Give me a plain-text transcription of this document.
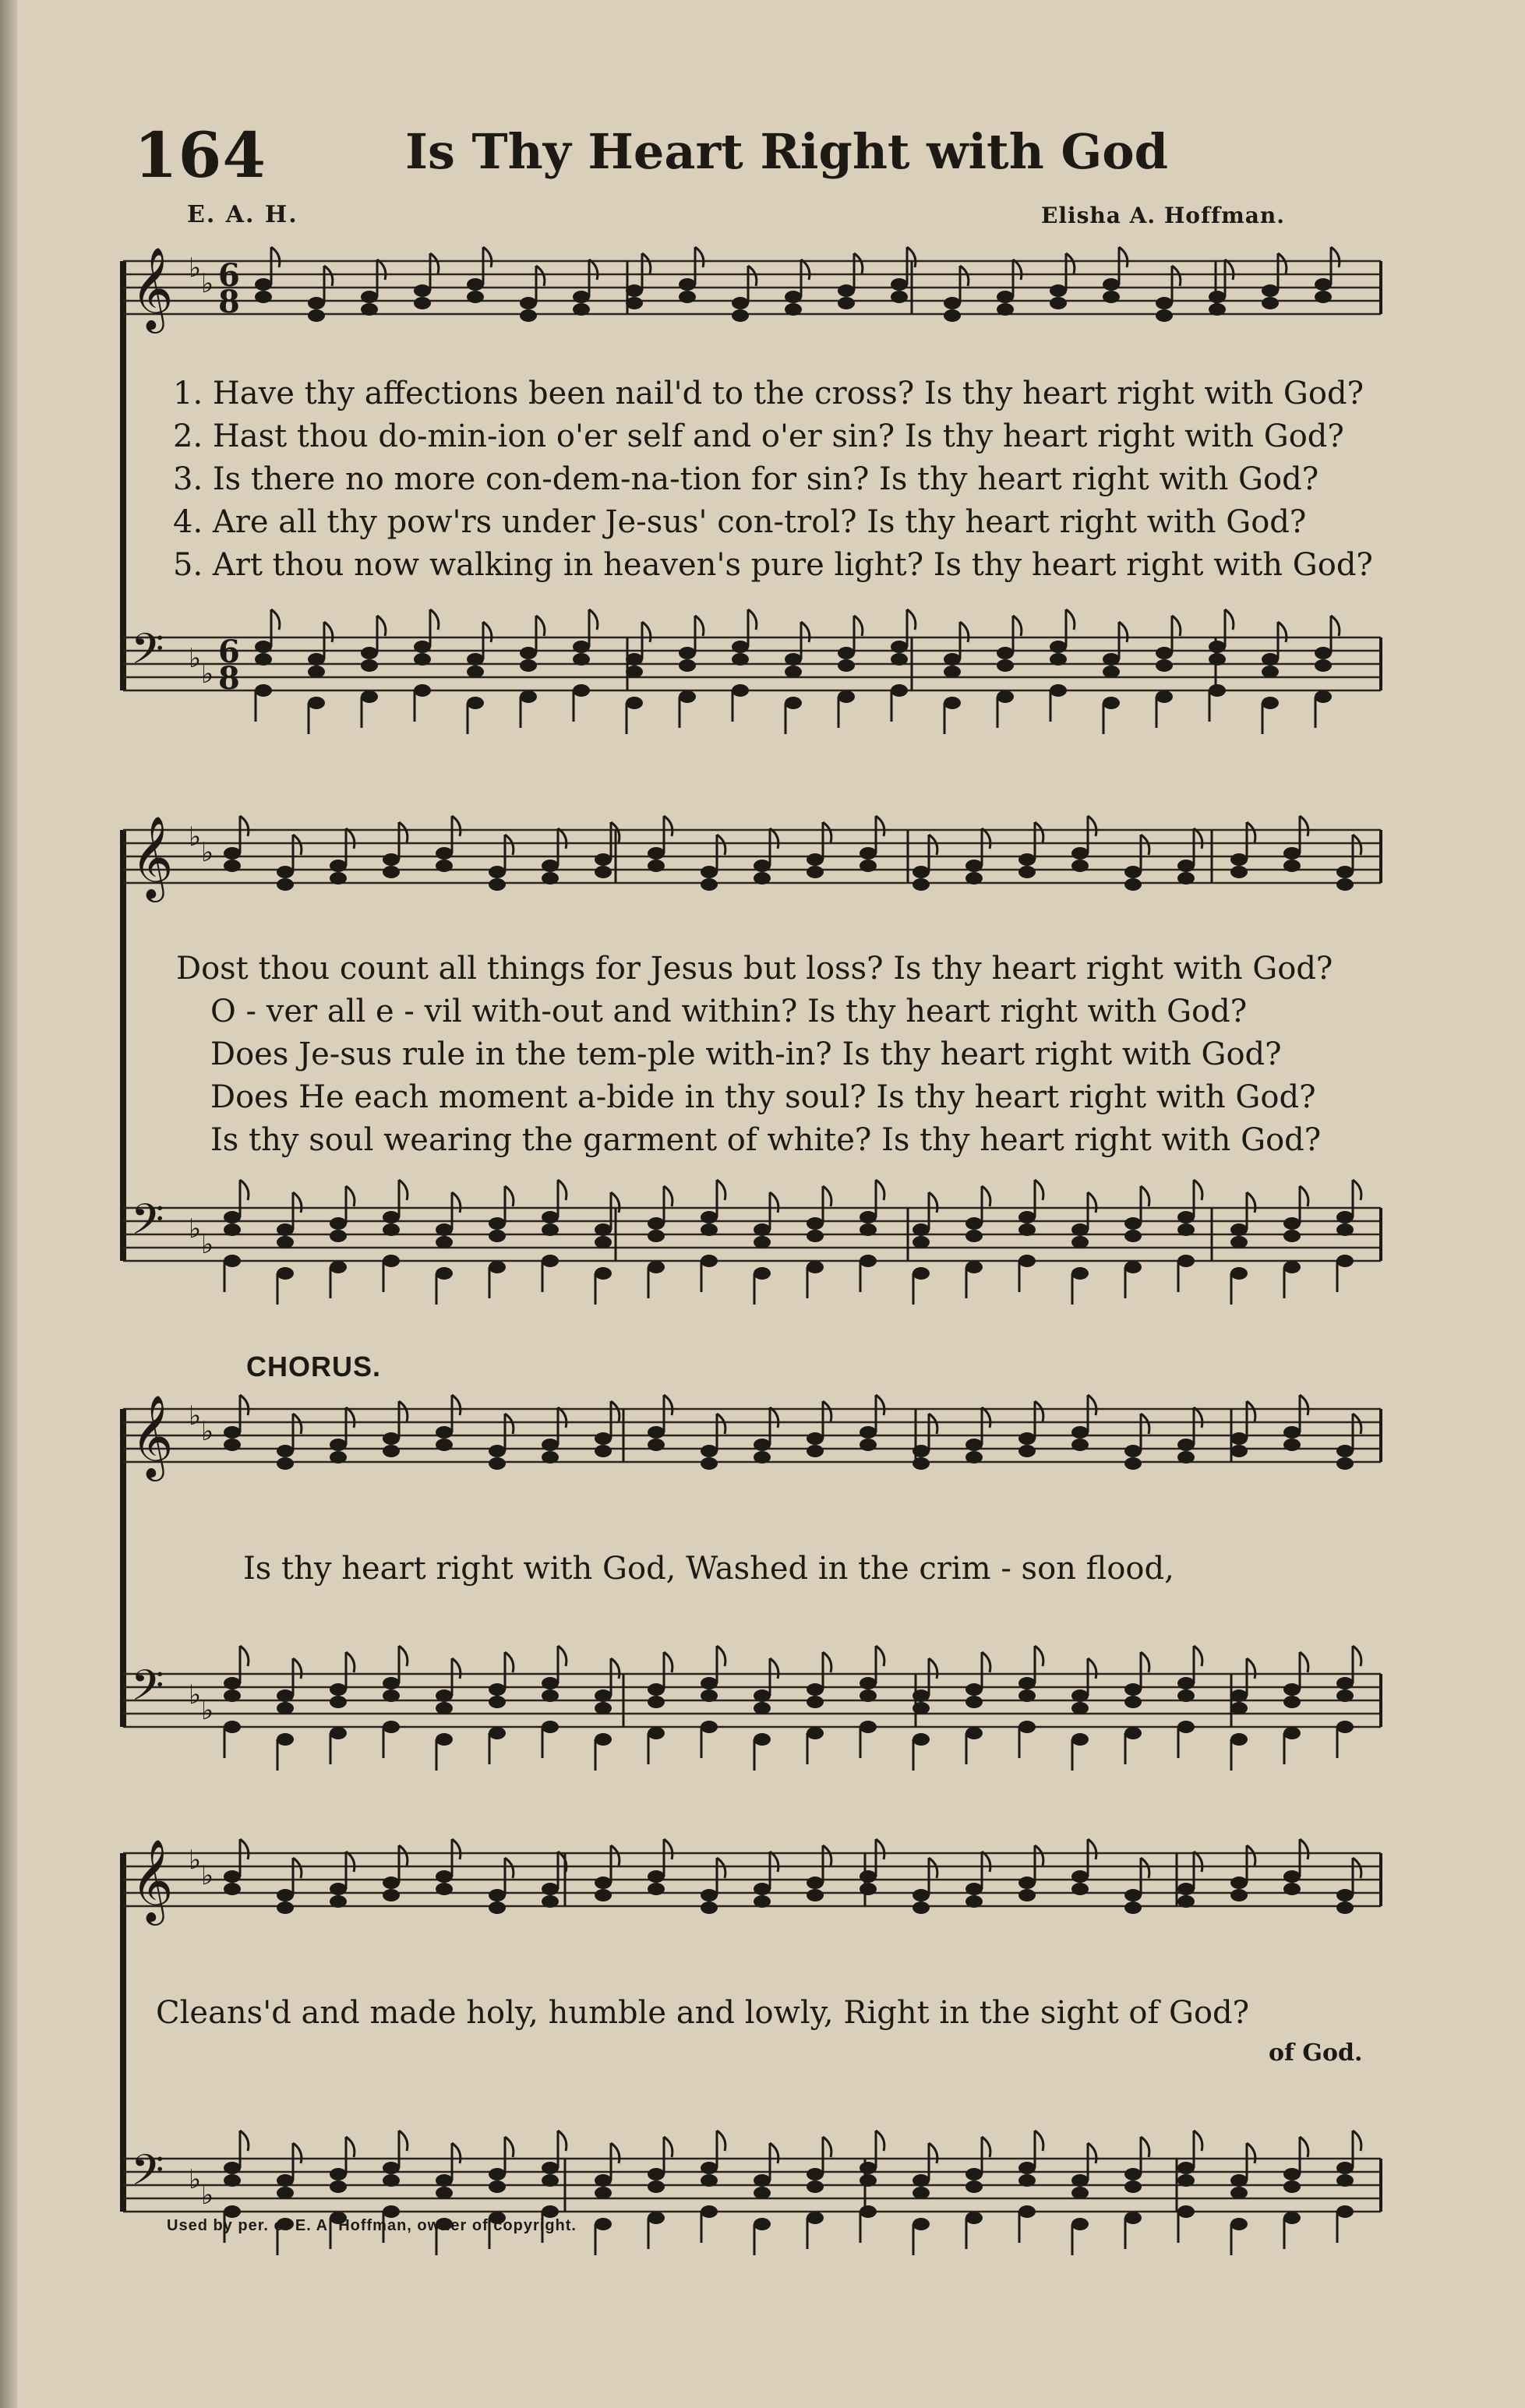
164	Is Thy Heart Right with God
E. A. H.	Elisha A. Hoffman.
𝄞 ♭ ♭ 6
8
𝄢 ♭ ♭
6
8
𝄞 ♭ ♭
𝄢 ♭ ♭
𝄞 ♭ ♭
𝄢 ♭ ♭
𝄞 ♭ ♭
𝄢 ♭ ♭
1. Have thy affections been nail'd to the cross? Is thy heart right with God?
2. Hast thou do-min-ion o'er self and o'er sin? Is thy heart right with God?
3. Is there no more con-dem-na-tion for sin? Is thy heart right with God?
4. Are all thy pow'rs under Je-sus' con-trol? Is thy heart right with God?
5. Art thou now walking in heaven's pure light? Is thy heart right with God?
Dost thou count all things for Jesus but loss? Is thy heart right with God?
O - ver all e - vil with-out and within? Is thy heart right with God?
Does Je-sus rule in the tem-ple with-in? Is thy heart right with God?
Does He each moment a-bide in thy soul? Is thy heart right with God?
Is thy soul wearing the garment of white? Is thy heart right with God?
CHORUS.
Is thy heart right with God, Washed in the crim - son flood,
Cleans'd and made holy, humble and lowly, Right in the sight of God?
of God.
Used by per. of E. A. Hoffman, owner of copyright.
